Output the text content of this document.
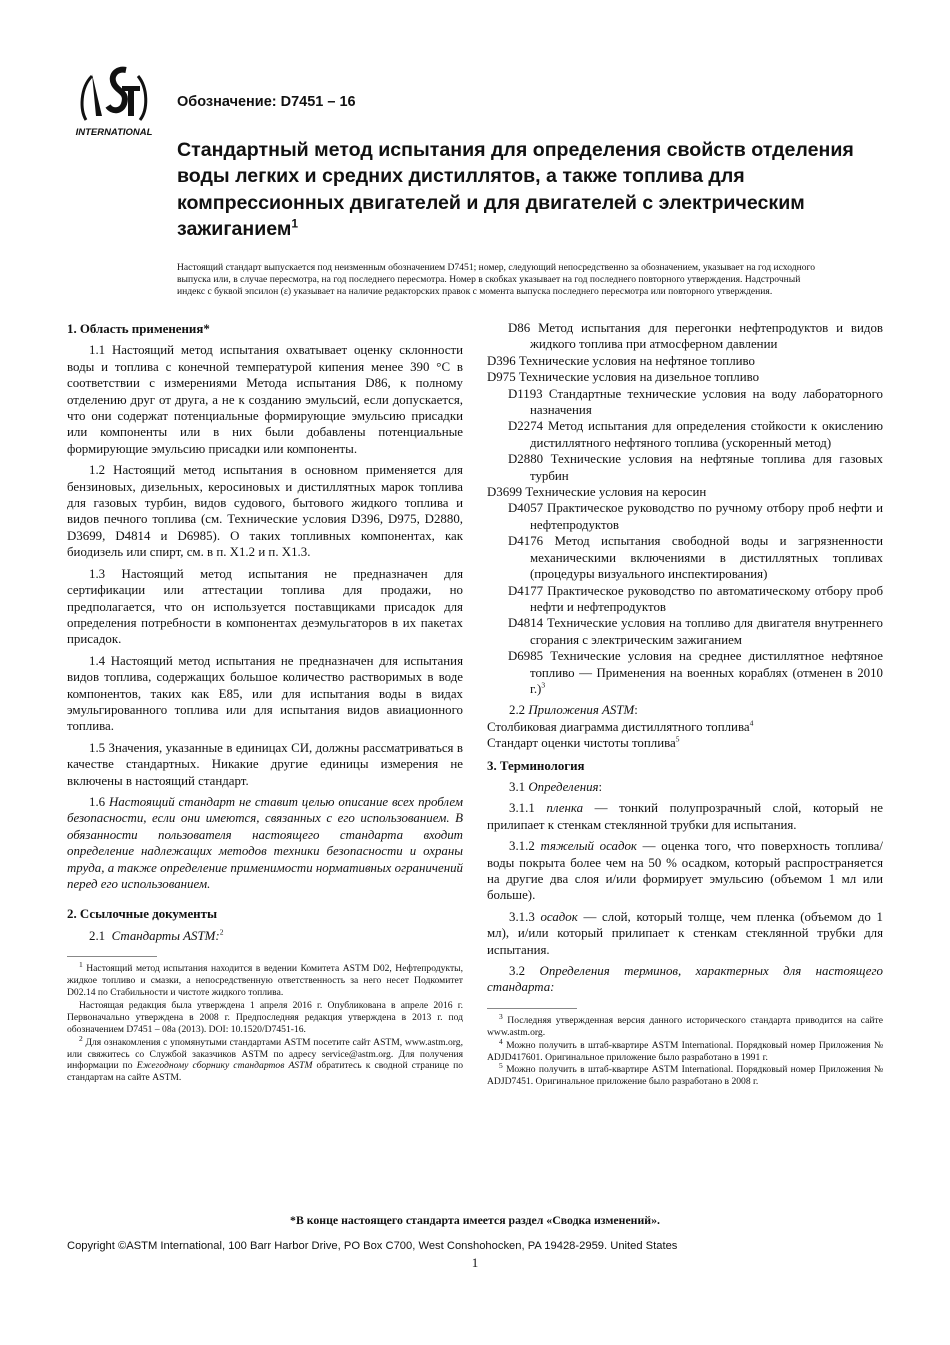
INTERNATIONAL
Обозначение: D7451 – 16
Стандартный метод испытания для определения свойств отделения воды легких и средних дистиллятов, а также топлива для компрессионных двигателей и для двигателей с электрическим зажиганием$^1$

Настоящий стандарт выпускается под неизменным обозначением D7451; номер, следующий непосредственно за обозначением, указывает на год исходного выпуска или, в случае пересмотра, на год последнего пересмотра. Номер в скобках указывает на год последнего повторного утверждения. Надстрочный индекс с буквой эпсилон (ε) указывает на наличие редакторских правок с момента выпуска последнего пересмотра или повторного утверждения.

1. Область применения*

1.1 Настоящий метод испытания охватывает оценку склонности воды и топлива с конечной температурой кипения менее 390 °C в соответствии с измерениями Метода испытания D86, к полному отделению друг от друга, а не к созданию эмульсий, если допускается, что они содержат потенциальные формирующие эмульсию присадки или компоненты или в них были добавлены потенциальные формирующие эмульсию присадки или компоненты.

1.2 Настоящий метод испытания в основном применяется для бензиновых, дизельных, керосиновых и дистиллятных марок топлива для газовых турбин, видов судового, бытового жидкого топлива и видов печного топлива (см. Технические условия D396, D975, D2880, D3699, D4814 и D6985). О таких топливных компонентах, как биодизель или спирт, см. в п. X1.2 и п. X1.3.

1.3 Настоящий метод испытания не предназначен для сертификации или аттестации топлива для продажи, но предполагается, что он используется поставщиками присадок для определения потребности в компонентах деэмульгаторов в их пакетах присадок.

1.4 Настоящий метод испытания не предназначен для испытания видов топлива, содержащих большое количество растворимых в воде компонентов, таких как E85, или для испытания воды в видах эмульгированного топлива или для испытания видов авиационного топлива.

1.5 Значения, указанные в единицах СИ, должны рассматриваться в качестве стандартных. Никакие другие единицы измерения не включены в настоящий стандарт.

1.6 Настоящий стандарт не ставит целью описание всех проблем безопасности, если они имеются, связанных с его использованием. В обязанности пользователя настоящего стандарта входит определение надлежащих методов техники безопасности и охраны труда, а также определение применимости нормативных ограничений перед его использованием.

2. Ссылочные документы

2.1 Стандарты ASTM:$^2$

$^1$ Настоящий метод испытания находится в ведении Комитета ASTM D02, Нефтепродукты, жидкое топливо и смазки, а непосредственную ответственность за него несет Подкомитет D02.14 по Стабильности и чистоте жидкого топлива.

Настоящая редакция была утверждена 1 апреля 2016 г. Опубликована в апреле 2016 г. Первоначально утверждена в 2008 г. Предпоследняя редакция утверждена в 2013 г. под обозначением D7451 – 08a (2013). DOI: 10.1520/D7451-16.

$^2$ Для ознакомления с упомянутыми стандартами ASTM посетите сайт ASTM, www.astm.org, или свяжитесь со Службой заказчиков ASTM по адресу service@astm.org. Для получения информации по Ежегодному сборнику стандартов ASTM обратитесь к сводной странице по стандартам на сайте ASTM.

D86 Метод испытания для перегонки нефтепродуктов и видов жидкого топлива при атмосферном давлении

D396 Технические условия на нефтяное топливо

D975 Технические условия на дизельное топливо

D1193 Стандартные технические условия на воду лабораторного назначения

D2274 Метод испытания для определения стойкости к окислению дистиллятного нефтяного топлива (ускоренный метод)

D2880 Технические условия на нефтяные топлива для газовых турбин

D3699 Технические условия на керосин

D4057 Практическое руководство по ручному отбору проб нефти и нефтепродуктов

D4176 Метод испытания свободной воды и загрязненности механическими включениями в дистиллятных топливах (процедуры визуального инспектирования)

D4177 Практическое руководство по автоматическому отбору проб нефти и нефтепродуктов

D4814 Технические условия на топливо для двигателя внутреннего сгорания с электрическим зажиганием

D6985 Технические условия на среднее дистиллятное нефтяное топливо — Применения на военных кораблях (отменен в 2010 г.)$^3$

2.2 Приложения ASTM:

Столбиковая диаграмма дистиллятного топлива$^4$

Стандарт оценки чистоты топлива$^5$

3. Терминология

3.1 Определения:

3.1.1 пленка — тонкий полупрозрачный слой, который не прилипает к стенкам стеклянной трубки для испытания.

3.1.2 тяжелый осадок — оценка того, что поверхность топлива/воды покрыта более чем на 50 % осадком, который распространяется на другие два слоя и/или формирует эмульсию (объемом 1 мл или больше).

3.1.3 осадок — слой, который толще, чем пленка (объемом до 1 мл), и/или который прилипает к стенкам стеклянной трубки для испытания.

3.2 Определения терминов, характерных для настоящего стандарта:

$^3$ Последняя утвержденная версия данного исторического стандарта приводится на сайте www.astm.org.

$^4$ Можно получить в штаб-квартире ASTM International. Порядковый номер Приложения № ADJD417601. Оригинальное приложение было разработано в 1991 г.

$^5$ Можно получить в штаб-квартире ASTM International. Порядковый номер Приложения № ADJD7451. Оригинальное приложение было разработано в 2008 г.

*В конце настоящего стандарта имеется раздел «Сводка изменений».
Copyright ©ASTM International, 100 Barr Harbor Drive, PO Box C700, West Conshohocken, PA 19428-2959. United States
1
